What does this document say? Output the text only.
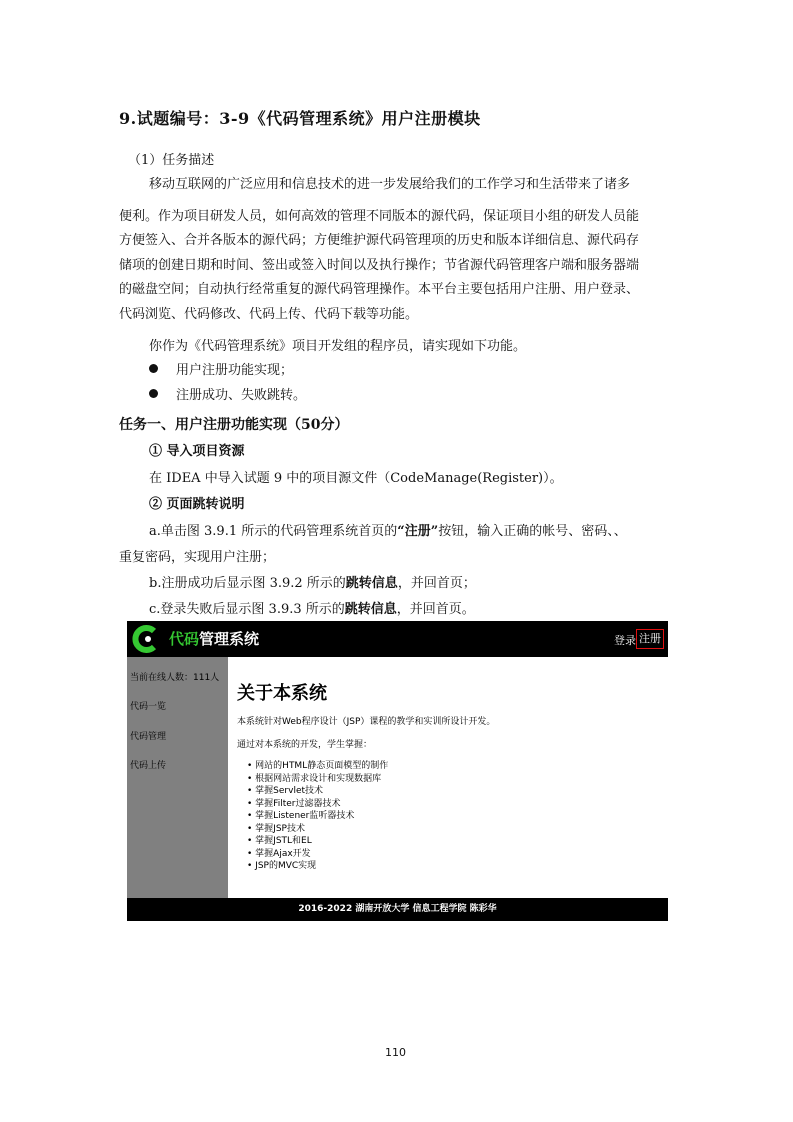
9.试题编号：3-9《代码管理系统》用户注册模块
（1）任务描述
移动互联网的广泛应用和信息技术的进一步发展给我们的工作学习和生活带来了诸多
便利。作为项目研发人员，如何高效的管理不同版本的源代码，保证项目小组的研发人员能
方便签入、合并各版本的源代码；方便维护源代码管理项的历史和版本详细信息、源代码存
储项的创建日期和时间、签出或签入时间以及执行操作；节省源代码管理客户端和服务器端
的磁盘空间；自动执行经常重复的源代码管理操作。本平台主要包括用户注册、用户登录、
代码浏览、代码修改、代码上传、代码下载等功能。
你作为《代码管理系统》项目开发组的程序员，请实现如下功能。
用户注册功能实现；
注册成功、失败跳转。
任务一、用户注册功能实现（50分）
① 导入项目资源
在 IDEA 中导入试题 9 中的项目源文件（CodeManage(Register)）。
② 页面跳转说明
a.单击图 3.9.1 所示的代码管理系统首页的“注册”按钮，输入正确的帐号、密码、、
重复密码，实现用户注册；
b.注册成功后显示图 3.9.2 所示的跳转信息，并回首页；
c.登录失败后显示图 3.9.3 所示的跳转信息，并回首页。
代码管理系统	登录 注册
当前在线人数：111人
代码一览
代码管理
代码上传
关于本系统
本系统针对Web程序设计（JSP）课程的教学和实训所设计开发。
通过对本系统的开发，学生掌握：
• 网站的HTML静态页面模型的制作
• 根据网站需求设计和实现数据库
• 掌握Servlet技术
• 掌握Filter过滤器技术
• 掌握Listener监听器技术
• 掌握JSP技术
• 掌握JSTL和EL
• 掌握Ajax开发
• JSP的MVC实现
2016-2022 湖南开放大学 信息工程学院 陈彩华
110
